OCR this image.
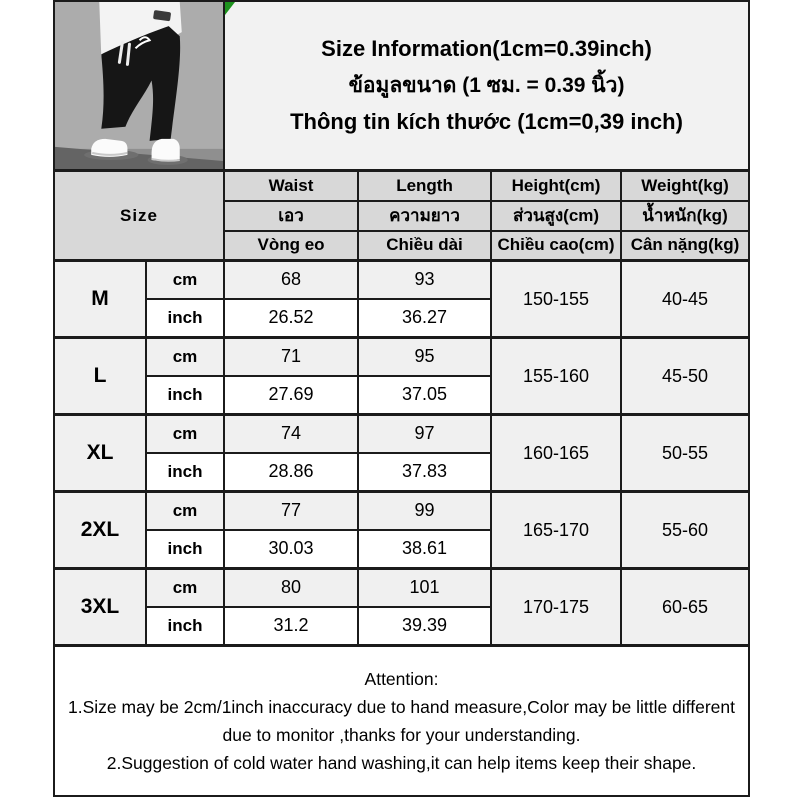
Size Information(1cm=0.39inch)
ข้อมูลขนาด (1 ซม. = 0.39 นิ้ว)
Thông tin kích thước (1cm=0,39 inch)			

Size		Waist	Length	Height(cm)	Weight(kg)
		เอว	ความยาว	ส่วนสูง(cm)	น้ำหนัก(kg)
		Vòng eo	Chiều dài	Chiều cao(cm)	Cân nặng(kg)
M	cm	68	93	150-155	40-45
	inch	26.52	36.27		
L	cm	71	95	155-160	45-50
	inch	27.69	37.05		
XL	cm	74	97	160-165	50-55
	inch	28.86	37.83		
2XL	cm	77	99	165-170	55-60
	inch	30.03	38.61		
3XL	cm	80	101	170-175	60-65
	inch	31.2	39.39		

Attention:
1.Size may be 2cm/1inch inaccuracy due to hand measure,Color may be little different due to monitor ,thanks for your understanding.
2.Suggestion of cold water hand washing,it can help items keep their shape.					
